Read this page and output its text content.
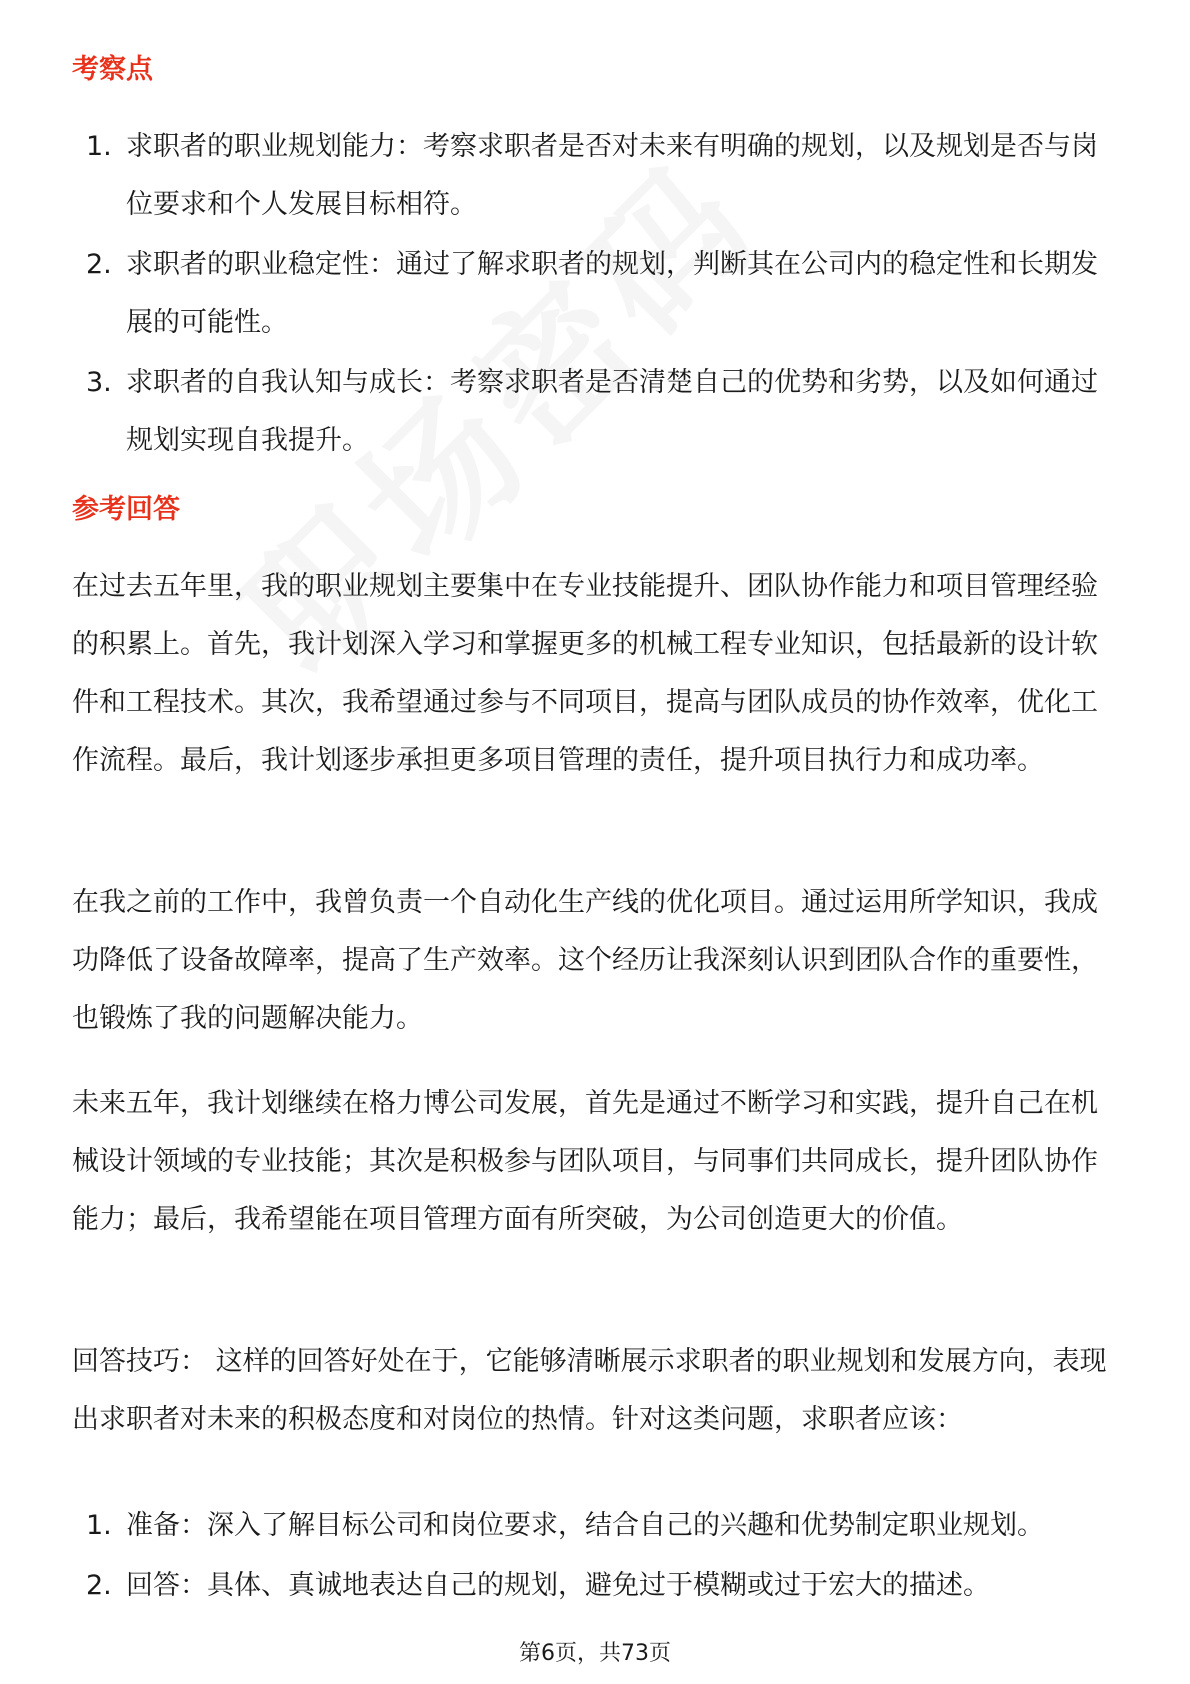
考察点
1. 求职者的职业规划能力：考察求职者是否对未来有明确的规划，以及规划是否与岗位要求和个人发展目标相符。
2. 求职者的职业稳定性：通过了解求职者的规划，判断其在公司内的稳定性和长期发展的可能性。
3. 求职者的自我认知与成长：考察求职者是否清楚自己的优势和劣势，以及如何通过规划实现自我提升。
参考回答

在过去五年里，我的职业规划主要集中在专业技能提升、团队协作能力和项目管理经验的积累上。首先，我计划深入学习和掌握更多的机械工程专业知识，包括最新的设计软件和工程技术。其次，我希望通过参与不同项目，提高与团队成员的协作效率，优化工作流程。最后，我计划逐步承担更多项目管理的责任，提升项目执行力和成功率。

在我之前的工作中，我曾负责一个自动化生产线的优化项目。通过运用所学知识，我成功降低了设备故障率，提高了生产效率。这个经历让我深刻认识到团队合作的重要性，也锻炼了我的问题解决能力。

未来五年，我计划继续在格力博公司发展，首先是通过不断学习和实践，提升自己在机械设计领域的专业技能；其次是积极参与团队项目，与同事们共同成长，提升团队协作能力；最后，我希望能在项目管理方面有所突破，为公司创造更大的价值。

回答技巧： 这样的回答好处在于，它能够清晰展示求职者的职业规划和发展方向，表现出求职者对未来的积极态度和对岗位的热情。针对这类问题，求职者应该：

1. 准备：深入了解目标公司和岗位要求，结合自己的兴趣和优势制定职业规划。
2. 回答：具体、真诚地表达自己的规划，避免过于模糊或过于宏大的描述。
第6页，共73页
